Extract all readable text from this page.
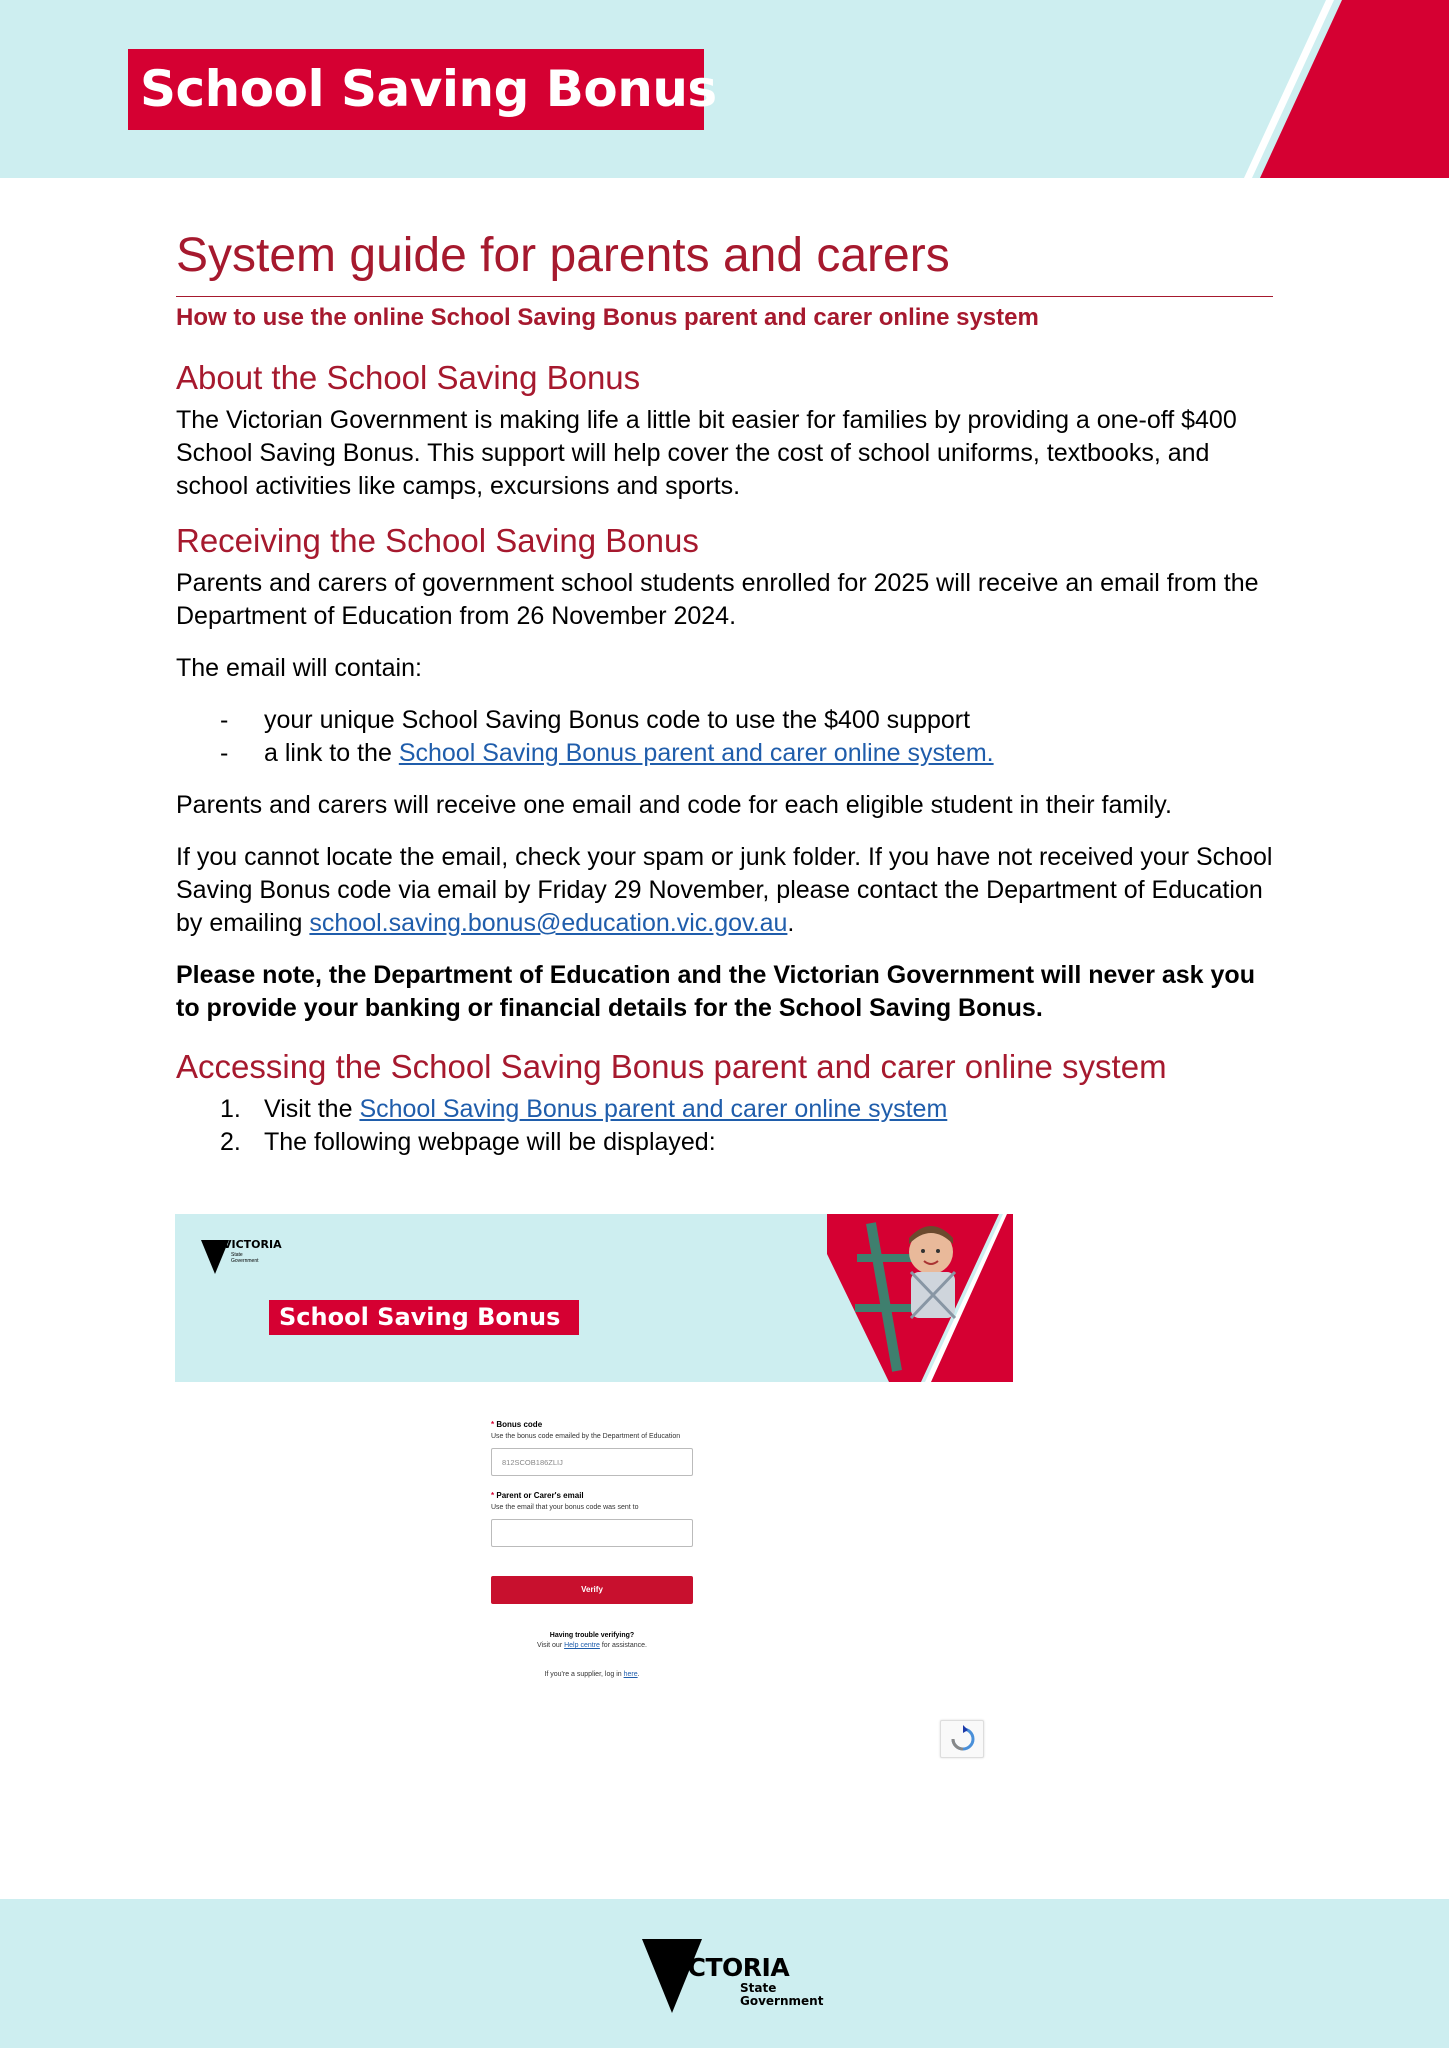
School Saving Bonus
System guide for parents and carers
How to use the online School Saving Bonus parent and carer online system
About the School Saving Bonus

The Victorian Government is making life a little bit easier for families by providing a one-off $400 School Saving Bonus. This support will help cover the cost of school uniforms, textbooks, and school activities like camps, excursions and sports.

Receiving the School Saving Bonus

Parents and carers of government school students enrolled for 2025 will receive an email from the Department of Education from 26 November 2024.

The email will contain:

- your unique School Saving Bonus code to use the $400 support
- a link to the School Saving Bonus parent and carer online system.

Parents and carers will receive one email and code for each eligible student in their family.

If you cannot locate the email, check your spam or junk folder. If you have not received your School Saving Bonus code via email by Friday 29 November, please contact the Department of Education by emailing school.saving.bonus@education.vic.gov.au.

Please note, the Department of Education and the Victorian Government will never ask you to provide your banking or financial details for the School Saving Bonus.

Accessing the School Saving Bonus parent and carer online system
1. Visit the School Saving Bonus parent and carer online system
2. The following webpage will be displayed:
VICTORIA
State Government
School Saving Bonus
* Bonus code
Use the bonus code emailed by the Department of Education
812SCOB186ZLIJ
* Parent or Carer's email
Use the email that your bonus code was sent to
Verify
Having trouble verifying?
Visit our Help centre for assistance.
If you're a supplier, log in here.
VICTORIA
State
Government
